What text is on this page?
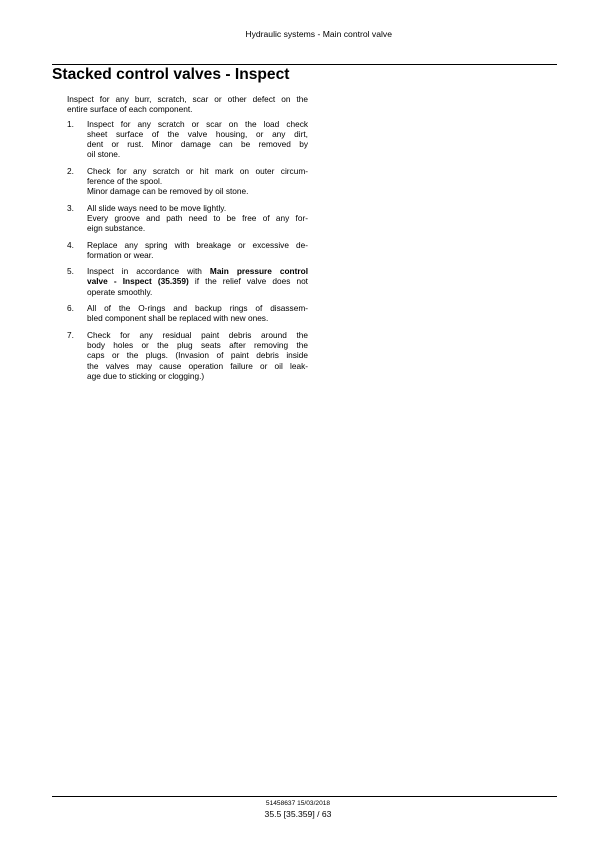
Hydraulic systems - Main control valve
Stacked control valves - Inspect

Inspect for any burr, scratch, scar or other defect on the
entire surface of each component.

1. Inspect for any scratch or scar on the load check
sheet surface of the valve housing, or any dirt,
dent or rust. Minor damage can be removed by
oil stone.
2. Check for any scratch or hit mark on outer circum-
ference of the spool.
Minor damage can be removed by oil stone.
3. All slide ways need to be move lightly.
Every groove and path need to be free of any for-
eign substance.
4. Replace any spring with breakage or excessive de-
formation or wear.
5. Inspect in accordance with Main pressure control
valve - Inspect (35.359) if the relief valve does not
operate smoothly.
6. All of the O-rings and backup rings of disassem-
bled component shall be replaced with new ones.
7. Check for any residual paint debris around the
body holes or the plug seats after removing the
caps or the plugs. (Invasion of paint debris inside
the valves may cause operation failure or oil leak-
age due to sticking or clogging.)
51458637 15/03/2018
35.5 [35.359] / 63
